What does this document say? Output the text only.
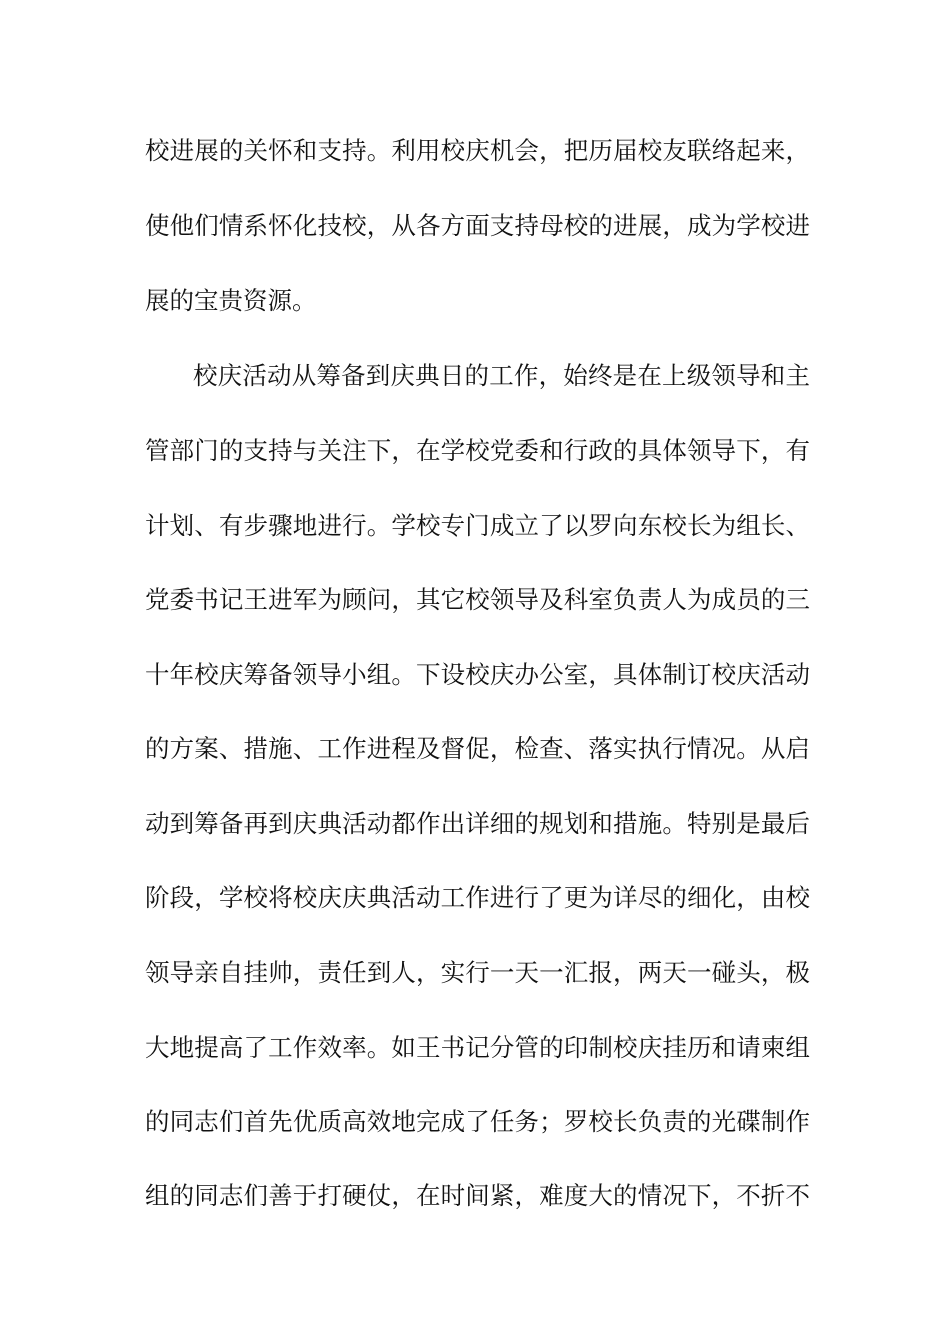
校进展的关怀和支持。利用校庆机会，把历届校友联络起来，
使他们情系怀化技校，从各方面支持母校的进展，成为学校进
展的宝贵资源。
校庆活动从筹备到庆典日的工作，始终是在上级领导和主
管部门的支持与关注下，在学校党委和行政的具体领导下，有
计划、有步骤地进行。学校专门成立了以罗向东校长为组长、
党委书记王进军为顾问，其它校领导及科室负责人为成员的三
十年校庆筹备领导小组。下设校庆办公室，具体制订校庆活动
的方案、措施、工作进程及督促，检查、落实执行情况。从启
动到筹备再到庆典活动都作出详细的规划和措施。特别是最后
阶段，学校将校庆庆典活动工作进行了更为详尽的细化，由校
领导亲自挂帅，责任到人，实行一天一汇报，两天一碰头，极
大地提高了工作效率。如王书记分管的印制校庆挂历和请柬组
的同志们首先优质高效地完成了任务；罗校长负责的光碟制作
组的同志们善于打硬仗，在时间紧，难度大的情况下，不折不
